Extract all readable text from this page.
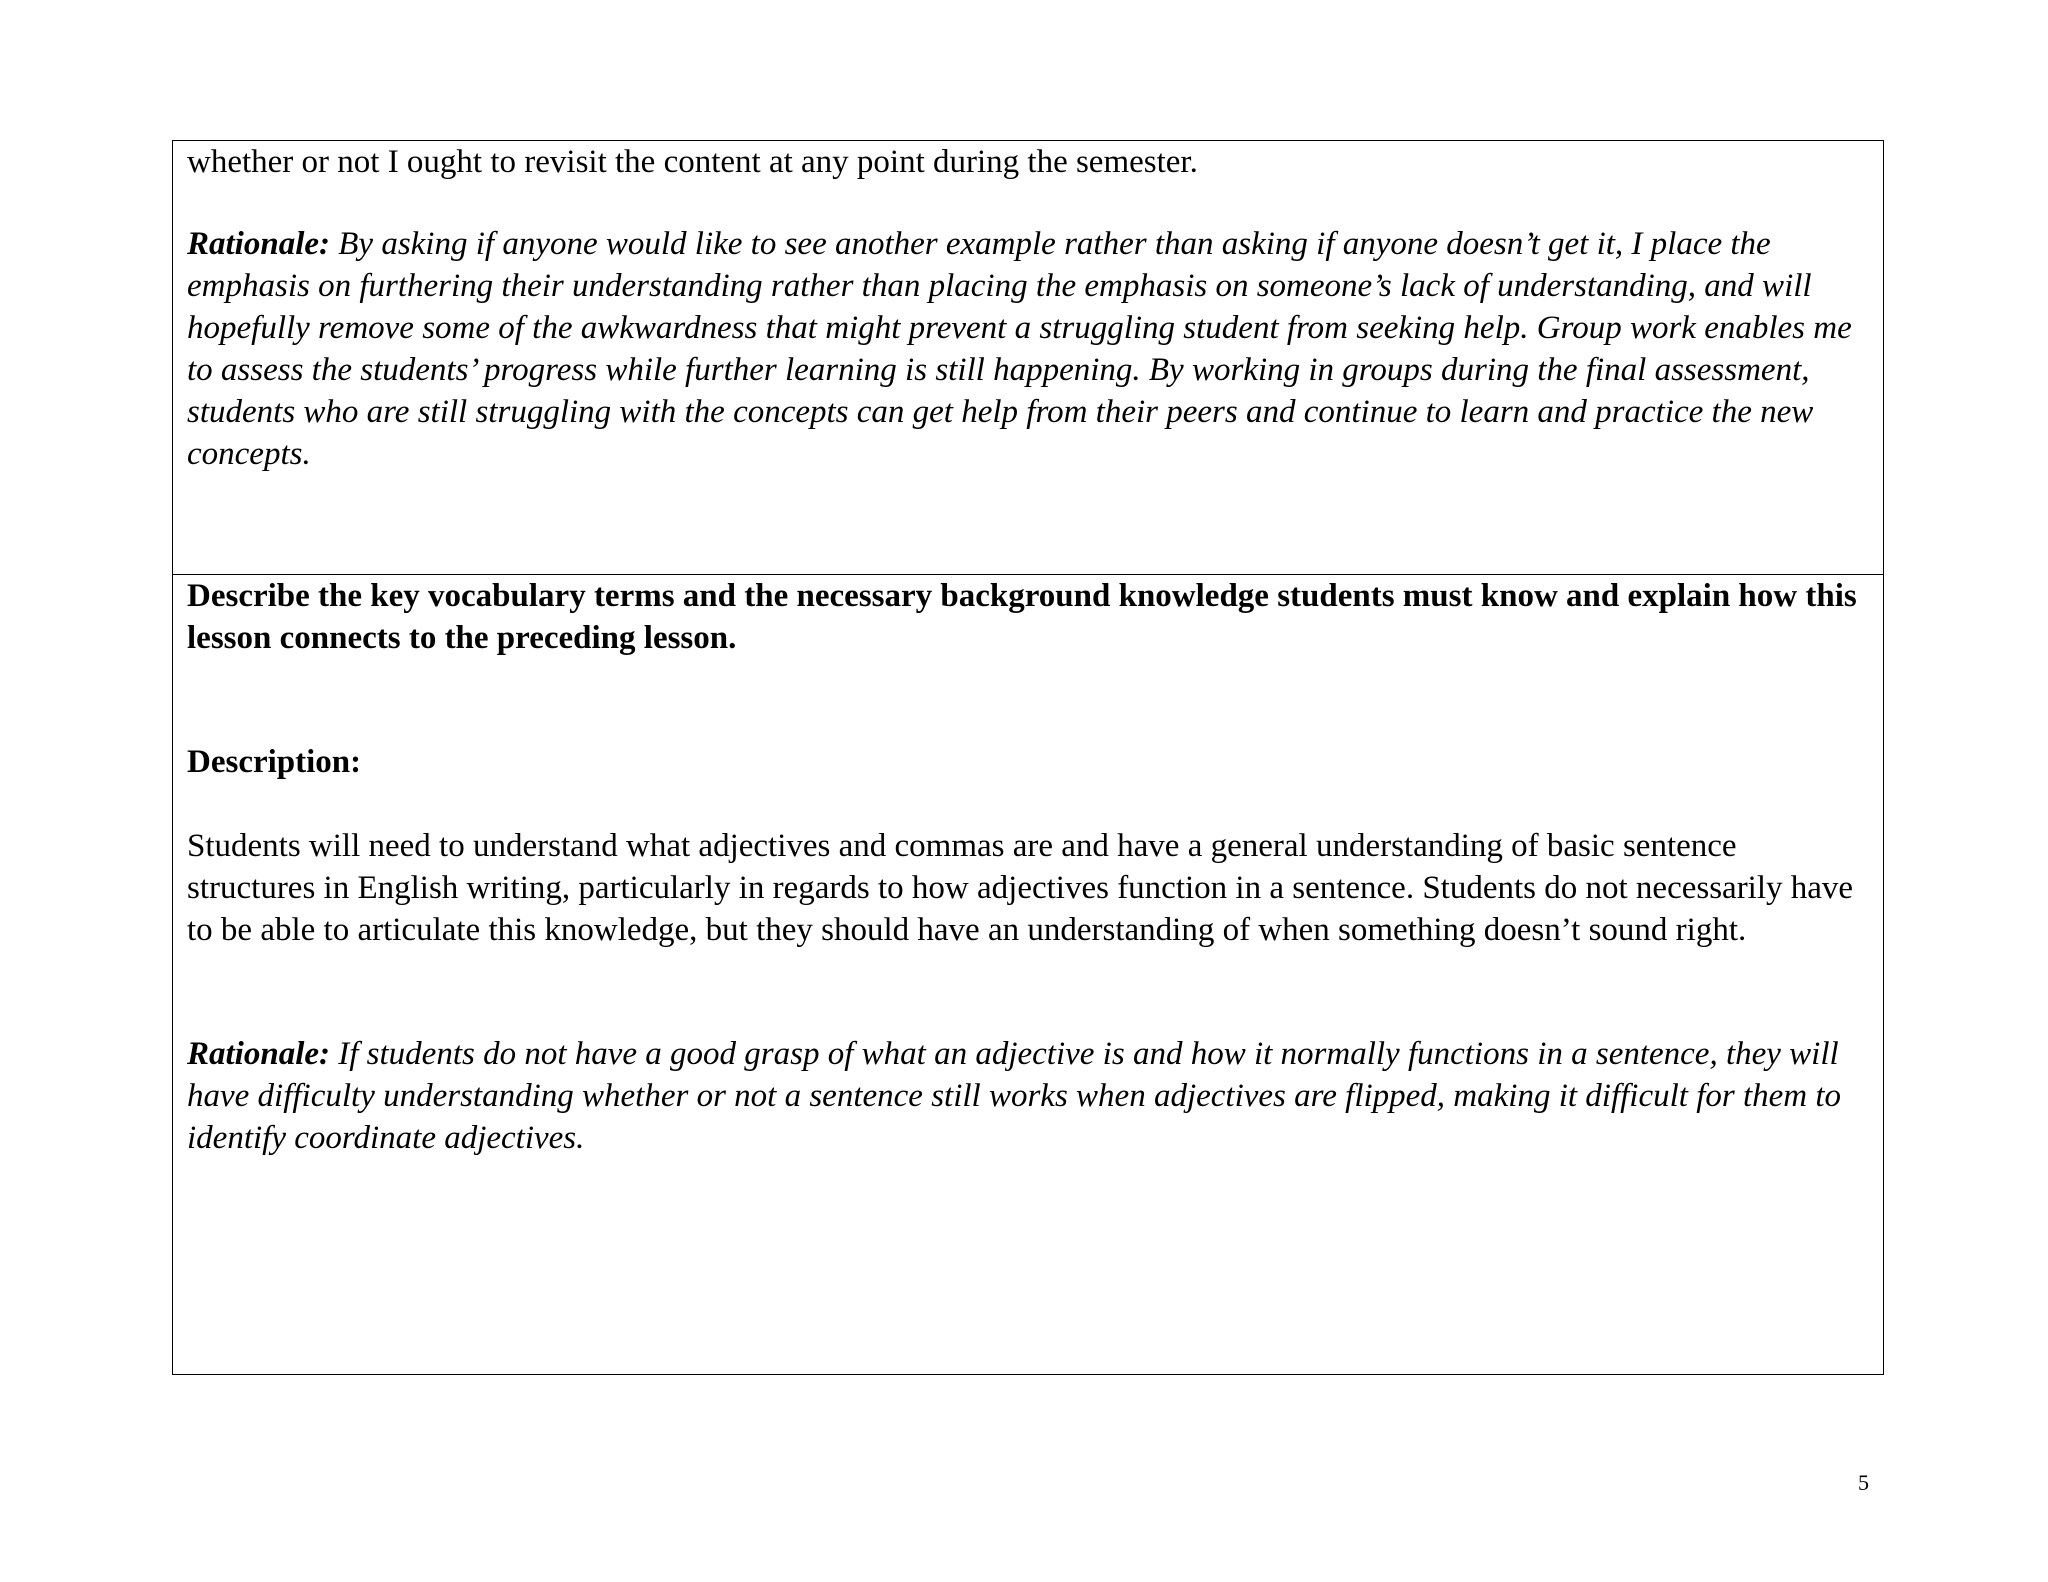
whether or not I ought to revisit the content at any point during the semester.

Rationale: By asking if anyone would like to see another example rather than asking if anyone doesn’t get it, I place the emphasis on furthering their understanding rather than placing the emphasis on someone’s lack of understanding, and will hopefully remove some of the awkwardness that might prevent a struggling student from seeking help. Group work enables me to assess the students’ progress while further learning is still happening. By working in groups during the final assessment, students who are still struggling with the concepts can get help from their peers and continue to learn and practice the new concepts.

Describe the key vocabulary terms and the necessary background knowledge students must know and explain how this lesson connects to the preceding lesson.

Description:

Students will need to understand what adjectives and commas are and have a general understanding of basic sentence structures in English writing, particularly in regards to how adjectives function in a sentence. Students do not necessarily have to be able to articulate this knowledge, but they should have an understanding of when something doesn’t sound right.

Rationale: If students do not have a good grasp of what an adjective is and how it normally functions in a sentence, they will have difficulty understanding whether or not a sentence still works when adjectives are flipped, making it difficult for them to identify coordinate adjectives.

5
